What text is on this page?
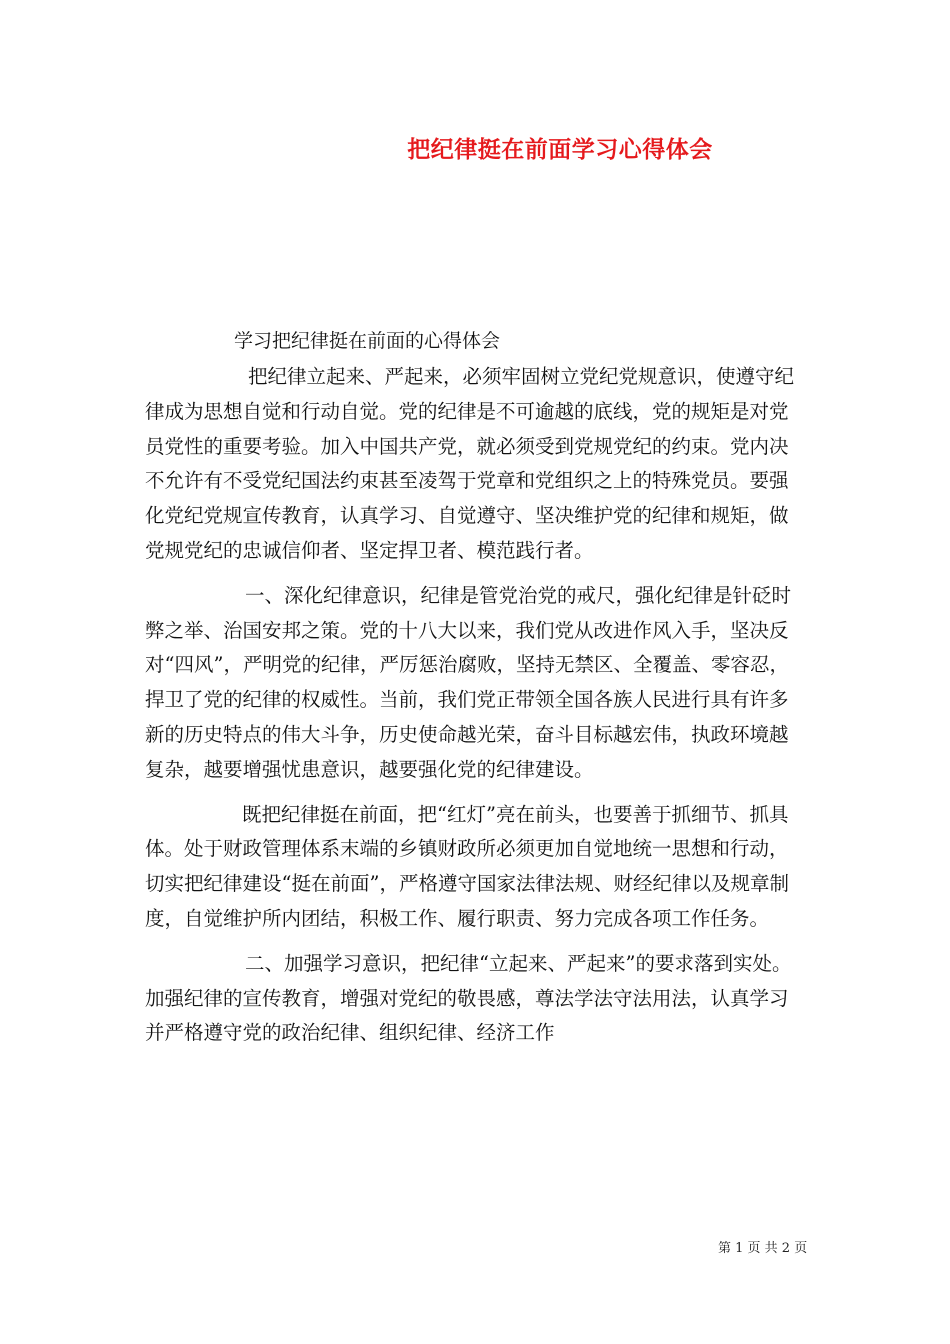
把纪律挺在前面学习心得体会

学习把纪律挺在前面的心得体会

把纪律立起来、严起来，必须牢固树立党纪党规意识，使遵守纪律成为思想自觉和行动自觉。党的纪律是不可逾越的底线，党的规矩是对党员党性的重要考验。加入中国共产党，就必须受到党规党纪的约束。党内决不允许有不受党纪国法约束甚至凌驾于党章和党组织之上的特殊党员。要强化党纪党规宣传教育，认真学习、自觉遵守、坚决维护党的纪律和规矩，做党规党纪的忠诚信仰者、坚定捍卫者、模范践行者。

一、深化纪律意识，纪律是管党治党的戒尺，强化纪律是针砭时弊之举、治国安邦之策。党的十八大以来，我们党从改进作风入手，坚决反对“四风”，严明党的纪律，严厉惩治腐败，坚持无禁区、全覆盖、零容忍，捍卫了党的纪律的权威性。当前，我们党正带领全国各族人民进行具有许多新的历史特点的伟大斗争，历史使命越光荣，奋斗目标越宏伟，执政环境越复杂，越要增强忧患意识，越要强化党的纪律建设。

既把纪律挺在前面，把“红灯”亮在前头，也要善于抓细节、抓具体。处于财政管理体系末端的乡镇财政所必须更加自觉地统一思想和行动，切实把纪律建设“挺在前面”，严格遵守国家法律法规、财经纪律以及规章制度，自觉维护所内团结，积极工作、履行职责、努力完成各项工作任务。

二、加强学习意识，把纪律“立起来、严起来”的要求落到实处。加强纪律的宣传教育，增强对党纪的敬畏感，尊法学法守法用法，认真学习并严格遵守党的政治纪律、组织纪律、经济工作

第 1 页 共 2 页
